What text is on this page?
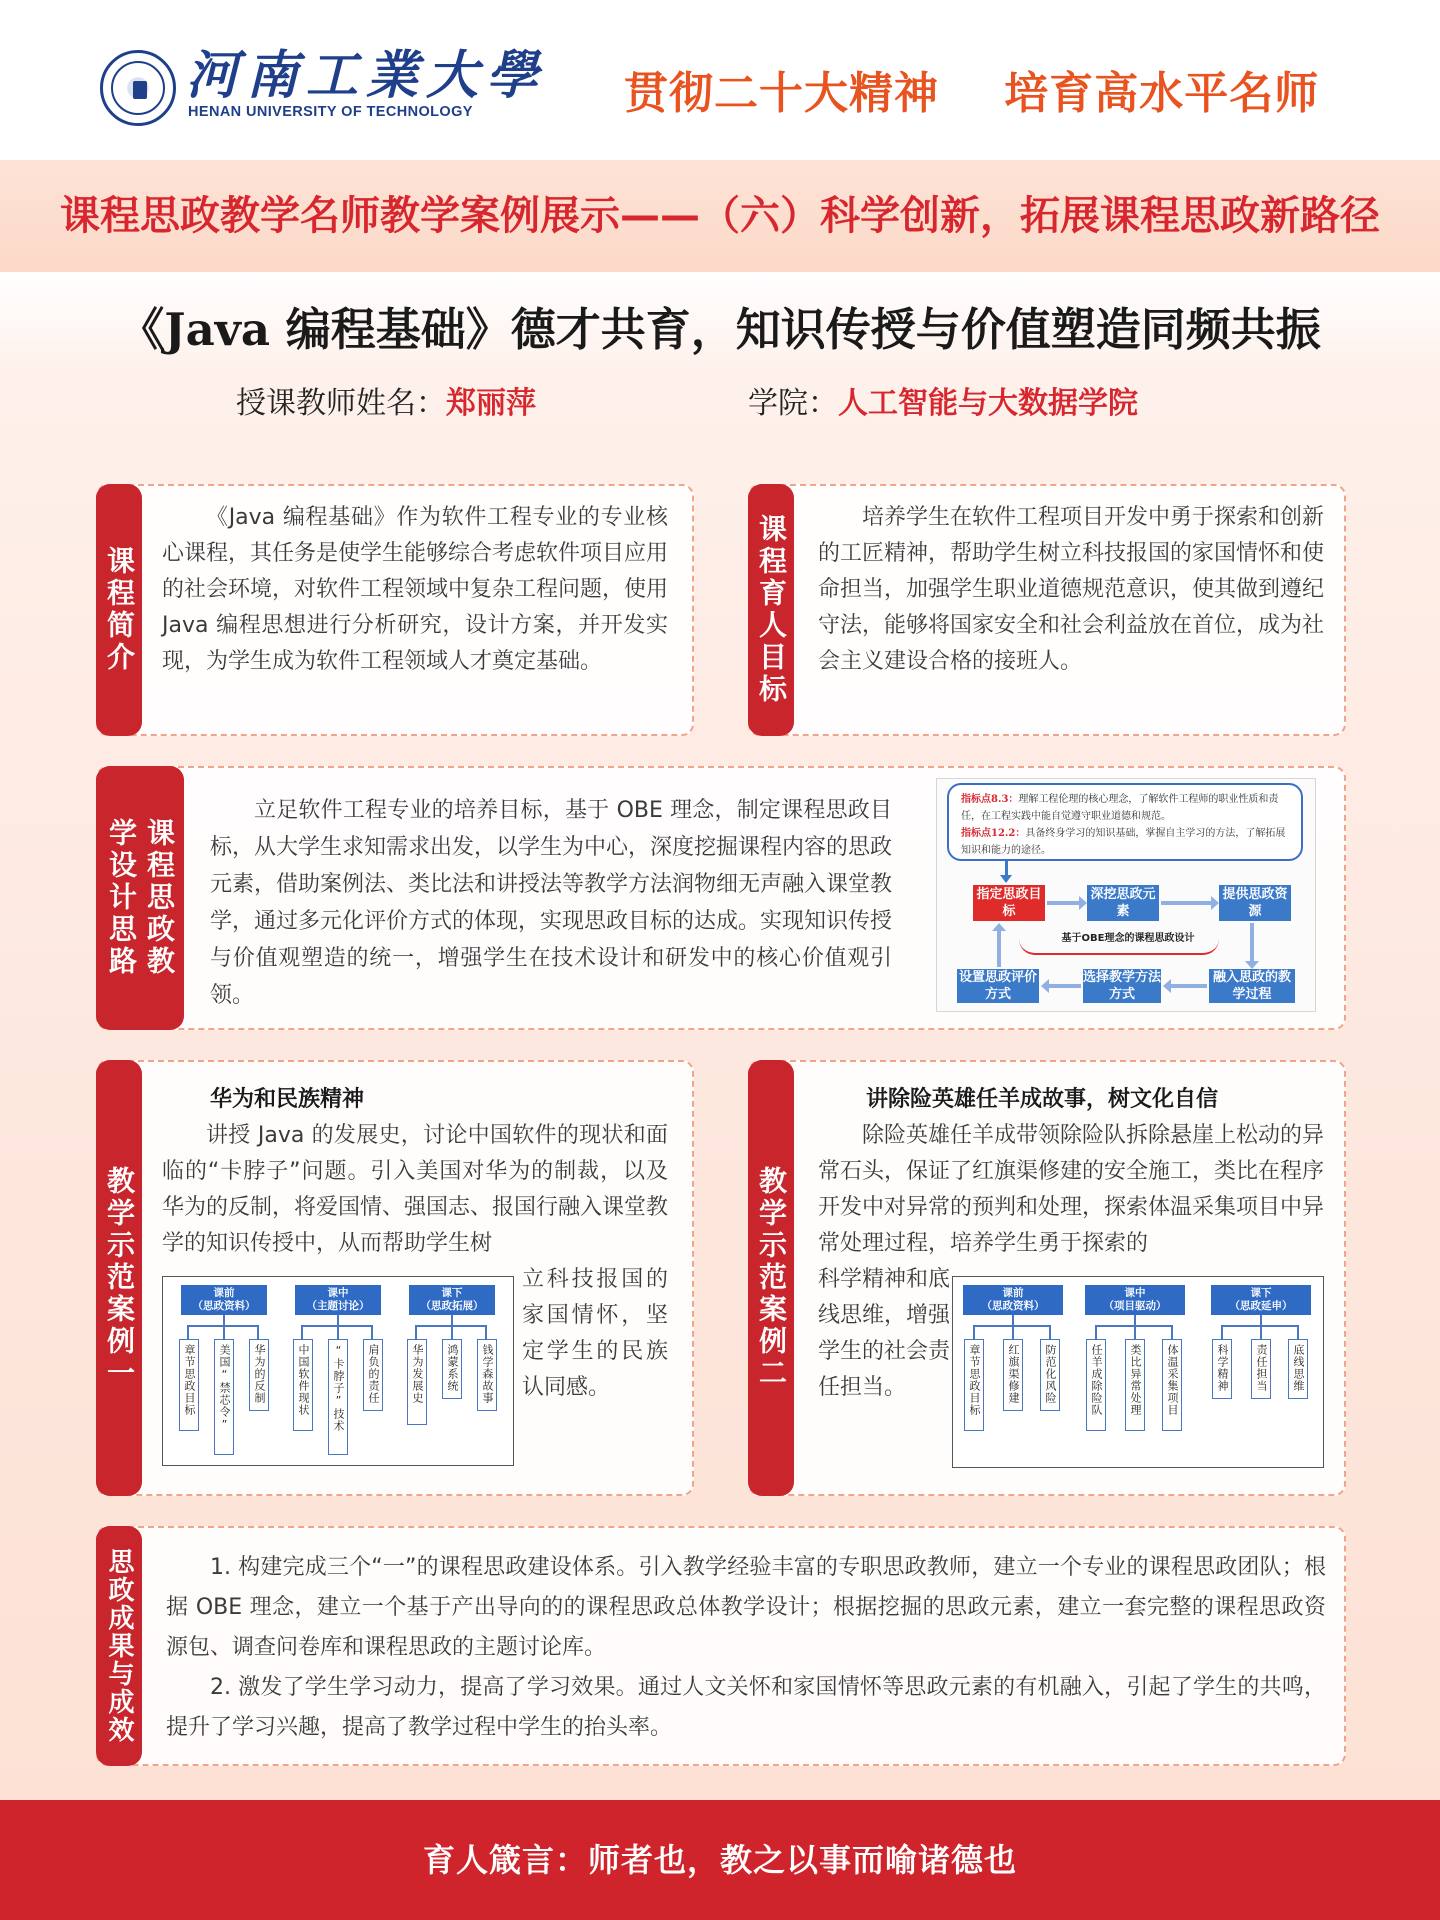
河南工業大學
HENAN UNIVERSITY OF TECHNOLOGY	贯彻二十大精神    培育高水平名师
课程思政教学名师教学案例展示——（六）科学创新，拓展课程思政新路径
《Java 编程基础》德才共育，知识传授与价值塑造同频共振
授课教师姓名：郑丽萍	学院：人工智能与大数据学院
课程简介

《Java 编程基础》作为软件工程专业的专业核心课程，其任务是使学生能够综合考虑软件项目应用的社会环境，对软件工程领域中复杂工程问题，使用 Java 编程思想进行分析研究，设计方案，并开发实现，为学生成为软件工程领域人才奠定基础。	课程育人目标	培养学生在软件工程项目开发中勇于探索和创新的工匠精神，帮助学生树立科技报国的家国情怀和使命担当，加强学生职业道德规范意识，使其做到遵纪守法，能够将国家安全和社会利益放在首位，成为社会主义建设合格的接班人。

课程思政教
学设计思路

立足软件工程专业的培养目标，基于 OBE 理念，制定课程思政目标，从大学生求知需求出发，以学生为中心，深度挖掘课程内容的思政元素，借助案例法、类比法和讲授法等教学方法润物细无声融入课堂教学，通过多元化评价方式的体现，实现思政目标的达成。实现知识传授与价值观塑造的统一，增强学生在技术设计和研发中的核心价值观引领。

指标点8.3：理解工程伦理的核心理念，了解软件工程师的职业性质和责任，在工程实践中能自觉遵守职业道德和规范。
指标点12.2：具备终身学习的知识基础，掌握自主学习的方法，了解拓展知识和能力的途径。
指定思政目标
深挖思政元素
提供思政资源
融入思政的教学过程
选择教学方法方式
设置思政评价方式
基于OBE理念的课程思政设计
教学示范案例一
华为和民族精神

讲授 Java 的发展史，讨论中国软件的现状和面临的“卡脖子”问题。引入美国对华为的制裁，以及华为的反制，将爱国情、强国志、报国行融入课堂教学的知识传授中，从而帮助学生树

立科技报国的家国情怀，坚定学生的民族认同感。
课前
（思政资料）
课中
（主题讨论）
课下
（思政拓展）
章节思政目标	美国“禁芯令”	华为的反制	中国软件现状	“卡脖子”技术	肩负的责任	华为发展史	鸿蒙系统	钱学森故事	教学示范案例二
讲除险英雄任羊成故事，树文化自信

除险英雄任羊成带领除险队拆除悬崖上松动的异常石头，保证了红旗渠修建的安全施工，类比在程序开发中对异常的预判和处理，探索体温采集项目中异常处理过程，培养学生勇于探索的

科学精神和底线思维，增强学生的社会责任担当。
课前
（思政资料）
课中
（项目驱动）
课下
（思政延申）
章节思政目标	红旗渠修建	防范化风险	任羊成除险队	类比异常处理	体温采集项目	科学精神	责任担当	底线思维
思政成果与成效	1. 构建完成三个“一”的课程思政建设体系。引入教学经验丰富的专职思政教师，建立一个专业的课程思政团队；根据 OBE 理念，建立一个基于产出导向的的课程思政总体教学设计；根据挖掘的思政元素，建立一套完整的课程思政资源包、调查问卷库和课程思政的主题讨论库。

2. 激发了学生学习动力，提高了学习效果。通过人文关怀和家国情怀等思政元素的有机融入，引起了学生的共鸣，提升了学习兴趣，提高了教学过程中学生的抬头率。

育人箴言：师者也，教之以事而喻诸德也
